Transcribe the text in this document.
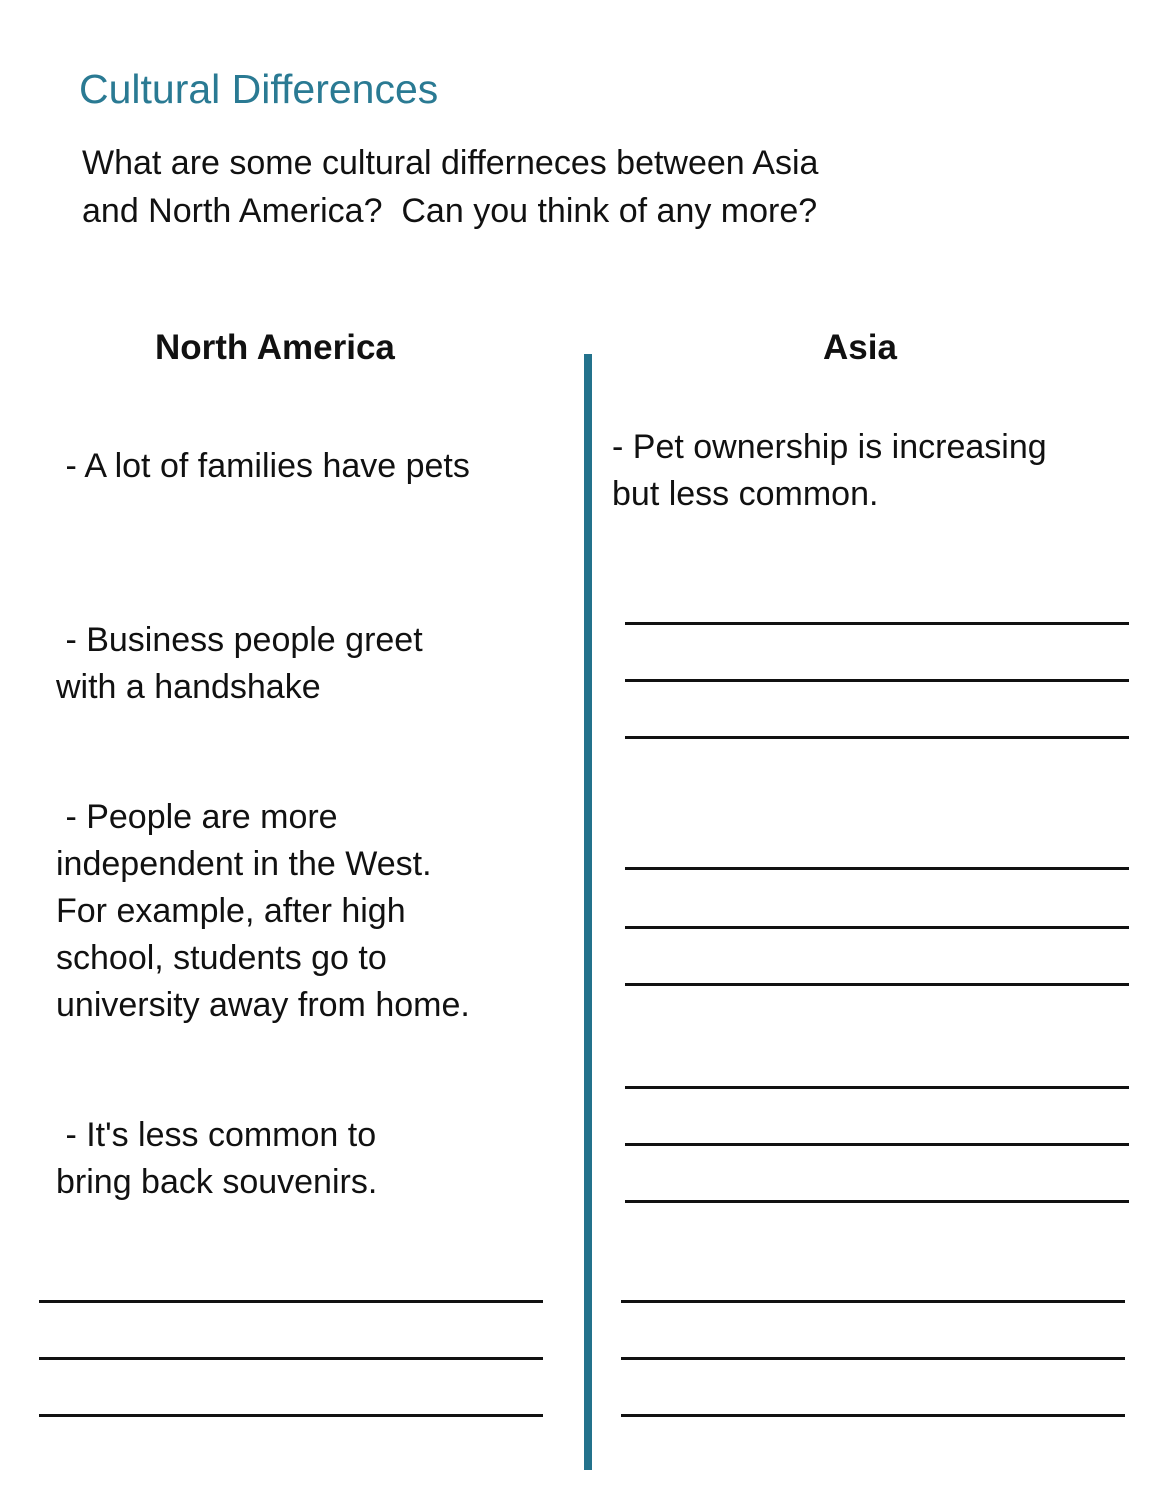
Cultural Differences

What are some cultural differneces between Asia
and North America?  Can you think of any more?

North America	Asia

- A lot of families have pets

- Business people greet
with a handshake

- People are more
independent in the West.
For example, after high
school, students go to
university away from home.

- It's less common to
bring back souvenirs.

- Pet ownership is increasing
but less common.
